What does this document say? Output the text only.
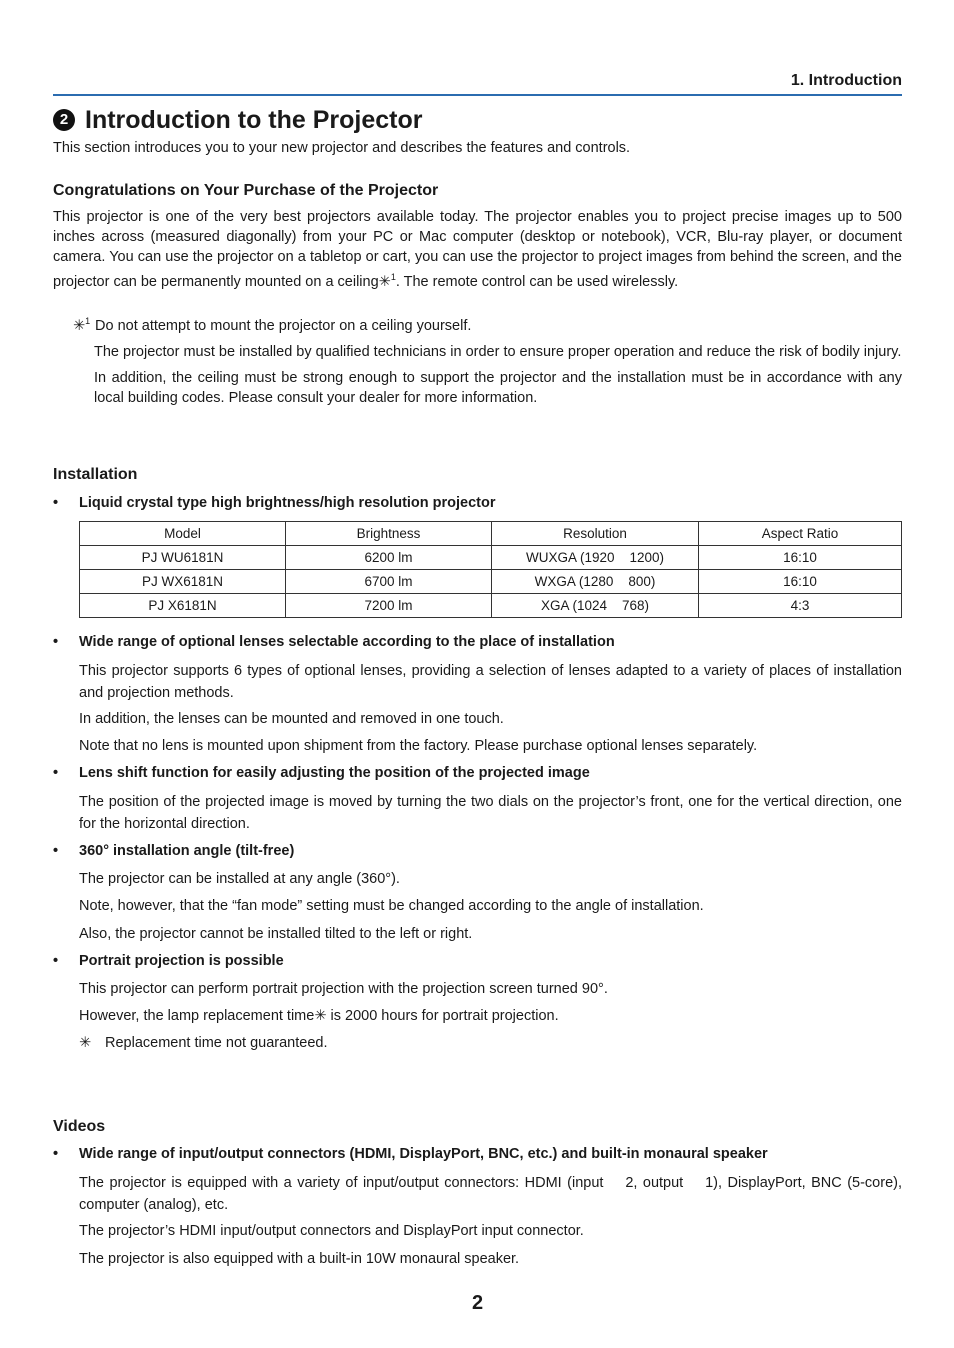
1. Introduction
2 Introduction to the Projector

This section introduces you to your new projector and describes the features and controls.

Congratulations on Your Purchase of the Projector

This projector is one of the very best projectors available today. The projector enables you to project precise images up to 500 inches across (measured diagonally) from your PC or Mac computer (desktop or notebook), VCR, Blu-ray player, or document camera. You can use the projector on a tabletop or cart, you can use the projector to project images from behind the screen, and the projector can be permanently mounted on a ceiling✳$^1$. The remote control can be used wirelessly.

✳$^1$ Do not attempt to mount the projector on a ceiling yourself.

The projector must be installed by qualified technicians in order to ensure proper operation and reduce the risk of bodily injury.

In addition, the ceiling must be strong enough to support the projector and the installation must be in accordance with any local building codes. Please consult your dealer for more information.

Installation
•	Liquid crystal type high brightness/high resolution projector
Model	Brightness	Resolution	Aspect Ratio
PJ WU6181N	6200 lm	WUXGA (1920    1200)	16:10
PJ WX6181N	6700 lm	WXGA (1280    800)	16:10
PJ X6181N	7200 lm	XGA (1024    768)	4:3
•	Wide range of optional lenses selectable according to the place of installation

This projector supports 6 types of optional lenses, providing a selection of lenses adapted to a variety of places of installation and projection methods.

In addition, the lenses can be mounted and removed in one touch.

Note that no lens is mounted upon shipment from the factory. Please purchase optional lenses separately.

•	Lens shift function for easily adjusting the position of the projected image

The position of the projected image is moved by turning the two dials on the projector’s front, one for the vertical direction, one for the horizontal direction.

•	360° installation angle (tilt-free)

The projector can be installed at any angle (360°).

Note, however, that the “fan mode” setting must be changed according to the angle of installation.

Also, the projector cannot be installed tilted to the left or right.

•	Portrait projection is possible

This projector can perform portrait projection with the projection screen turned 90°.

However, the lamp replacement time✳ is 2000 hours for portrait projection.

✳ Replacement time not guaranteed.

Videos
•	Wide range of input/output connectors (HDMI, DisplayPort, BNC, etc.) and built-in monaural speaker

The projector is equipped with a variety of input/output connectors: HDMI (input    2, output    1), DisplayPort, BNC (5-core), computer (analog), etc.

The projector’s HDMI input/output connectors and DisplayPort input connector.

The projector is also equipped with a built-in 10W monaural speaker.

2
